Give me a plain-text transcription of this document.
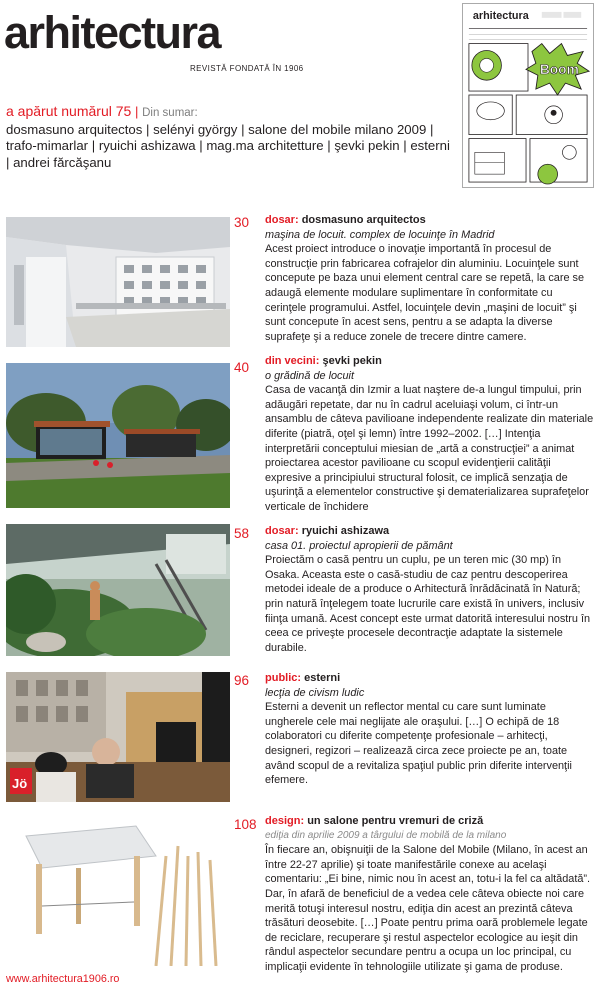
arhitectura
REVISTĂ FONDATĂ ÎN 1906
a apărut numărul 75 | Din sumar:
dosmasuno arquitectos | selényi györgy | salone del mobile milano 2009 | trafo-mimarlar | ryuichi ashizawa | mag.ma architetture | şevki pekin | esterni | andrei fărcăşanu
arhitectura
Boom
30 dosar: dosmasuno arquitectos
maşina de locuit. complex de locuinţe în Madrid
Acest proiect introduce o inovaţie importantă în procesul de construcţie prin fabricarea cofrajelor din aluminiu. Locuinţele sunt concepute pe baza unui element central care se repetă, la care se adaugă elemente modulare suplimentare în conformitate cu cerinţele programului. Astfel, locuinţele devin „maşini de locuit” şi sunt concepute în acest sens, pentru a se adapta la diverse suprafeţe şi a reduce zonele de trecere dintre camere.
40 din vecini: şevki pekin
o grădină de locuit
Casa de vacanţă din Izmir a luat naştere de-a lungul timpului, prin adăugări repetate, dar nu în cadrul aceluiaşi volum, ci într-un ansamblu de câteva pavilioane independente realizate din materiale diferite (piatră, oţel şi lemn) între 1992–2002. […] Intenţia interpretării conceptului miesian de „artă a construcţiei” a animat proiectarea acestor pavilioane cu scopul evidenţierii calităţii expresive a principiului structural folosit, ce implică senzaţia de uşurinţă a elementelor constructive şi dematerializarea suprafeţelor verticale de închidere
58 dosar: ryuichi ashizawa
casa 01. proiectul apropierii de pământ
Proiectăm o casă pentru un cuplu, pe un teren mic (30 mp) în Osaka. Aceasta este o casă-studiu de caz pentru descoperirea metodei ideale de a produce o Arhitectură înrădăcinată în Natură; prin natură înţelegem toate lucrurile care există în univers, inclusiv fiinţa umană. Acest concept este urmat datorită interesului nostru în ceea ce priveşte procesele decontracţie adaptate la sistemele durabile.
Jö
96 public: esterni
lecţia de civism ludic
Esterni a devenit un reflector mental cu care sunt luminate ungherele cele mai neglijate ale oraşului. […] O echipă de 18 colaboratori cu diferite competenţe profesionale – arhitecţi, designeri, regizori – realizează circa zece proiecte pe an, toate având scopul de a revitaliza spaţiul public prin diferite intervenţii efemere.
108 design: un salone pentru vremuri de criză
ediţia din aprilie 2009 a târgului de mobilă de la milano
În fiecare an, obişnuiţii de la Salone del Mobile (Milano, în acest an între 22-27 aprilie) şi toate manifestările conexe au acelaşi comentariu: „Ei bine, nimic nou în acest an, totu-i la fel ca altădată”. Dar, în afară de beneficiul de a vedea cele câteva obiecte noi care merită totuşi interesul nostru, ediţia din acest an prezintă câteva trăsături deosebite. […] Poate pentru prima oară problemele legate de reciclare, recuperare şi restul aspectelor ecologice au ieşit din rândul aspectelor secundare pentru a ocupa un loc principal, cu implicaţii evidente în tehnologiile utilizate şi gama de produse.
www.arhitectura1906.ro
